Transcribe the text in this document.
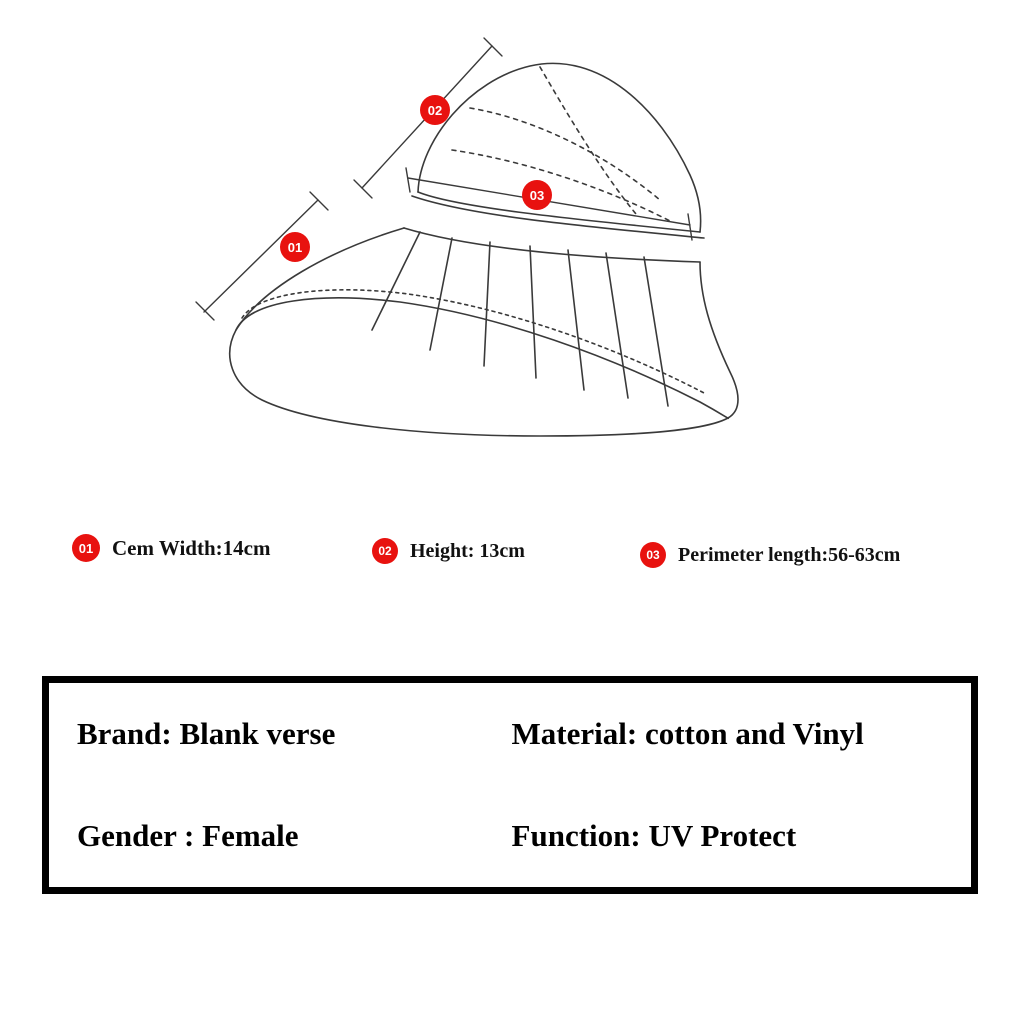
01
02
03
01 Cem Width:14cm	02 Height: 13cm	03 Perimeter length:56-63cm
Brand: Blank verse	Material: cotton and Vinyl
Gender : Female	Function: UV Protect
